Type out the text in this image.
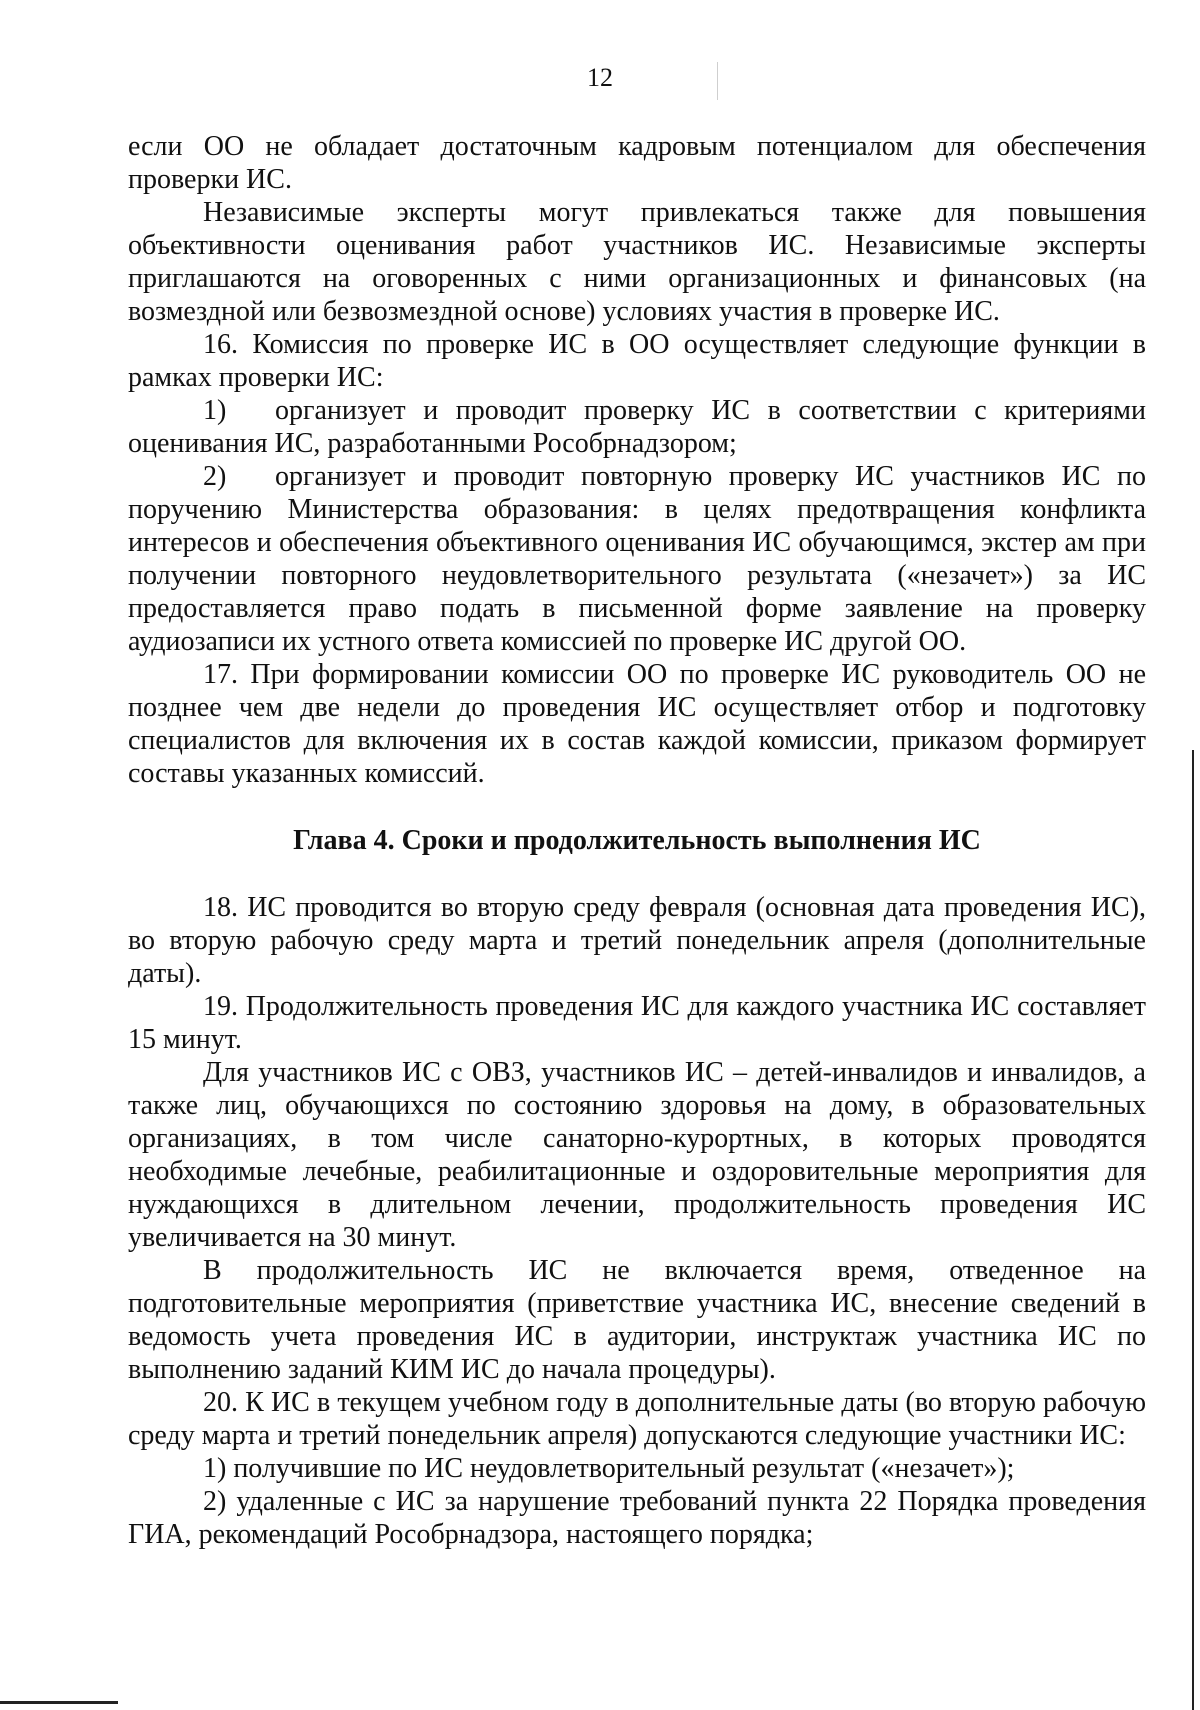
12

если ОО не обладает достаточным кадровым потенциалом для обеспечения проверки ИС.

Независимые эксперты могут привлекаться также для повышения объективности оценивания работ участников ИС. Независимые эксперты приглашаются на оговоренных с ними организационных и финансовых (на возмездной или безвозмездной основе) условиях участия в проверке ИС.

16. Комиссия по проверке ИС в ОО осуществляет следующие функции в рамках проверки ИС:

1) организует и проводит проверку ИС в соответствии с критериями оценивания ИС, разработанными Рособрнадзором;

2) организует и проводит повторную проверку ИС участников ИС по поручению Министерства образования: в целях предотвращения конфликта интересов и обеспечения объективного оценивания ИС обучающимся, экстер ам при получении повторного неудовлетворительного результата («незачет») за ИС предоставляется право подать в письменной форме заявление на проверку аудиозаписи их устного ответа комиссией по проверке ИС другой ОО.

17. При формировании комиссии ОО по проверке ИС руководитель ОО не позднее чем две недели до проведения ИС осуществляет отбор и подготовку специалистов для включения их в состав каждой комиссии, приказом формирует составы указанных комиссий.

Глава 4. Сроки и продолжительность выполнения ИС

18. ИС проводится во вторую среду февраля (основная дата проведения ИС), во вторую рабочую среду марта и третий понедельник апреля (дополнительные даты).

19. Продолжительность проведения ИС для каждого участника ИС составляет 15 минут.

Для участников ИС с ОВЗ, участников ИС – детей-инвалидов и инвалидов, а также лиц, обучающихся по состоянию здоровья на дому, в образовательных организациях, в том числе санаторно-курортных, в которых проводятся необходимые лечебные, реабилитационные и оздоровительные мероприятия для нуждающихся в длительном лечении, продолжительность проведения ИС увеличивается на 30 минут.

В продолжительность ИС не включается время, отведенное на подготовительные мероприятия (приветствие участника ИС, внесение сведений в ведомость учета проведения ИС в аудитории, инструктаж участника ИС по выполнению заданий КИМ ИС до начала процедуры).

20. К ИС в текущем учебном году в дополнительные даты (во вторую рабочую среду марта и третий понедельник апреля) допускаются следующие участники ИС:

1) получившие по ИС неудовлетворительный результат («незачет»);

2) удаленные с ИС за нарушение требований пункта 22 Порядка проведения ГИА, рекомендаций Рособрнадзора, настоящего порядка;
